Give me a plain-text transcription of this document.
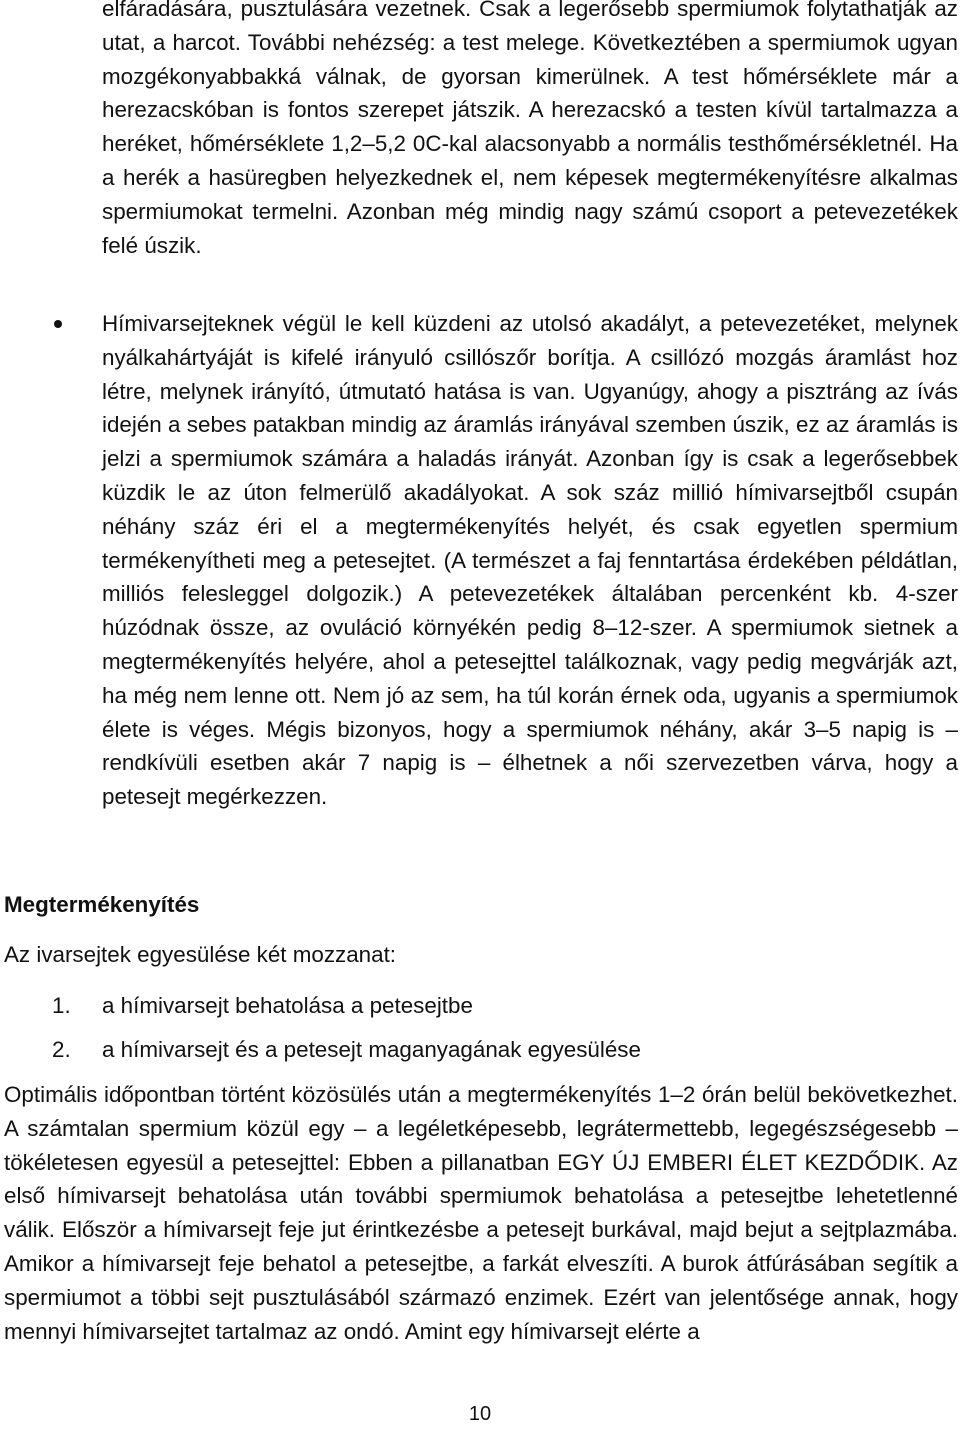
elfáradására, pusztulására vezetnek. Csak a legerősebb spermiumok folytathatják az utat, a harcot. További nehézség: a test melege. Következtében a spermiumok ugyan mozgékonyabbakká válnak, de gyorsan kimerülnek. A test hőmérséklete már a herezacskóban is fontos szerepet játszik. A herezacskó a testen kívül tartalmazza a heréket, hőmérséklete 1,2–5,2 0C-kal alacsonyabb a normális testhőmérsékletnél. Ha a herék a hasüregben helyezkednek el, nem képesek megtermékenyítésre alkalmas spermiumokat termelni. Azonban még mindig nagy számú csoport a petevezetékek felé úszik.

Hímivarsejteknek végül le kell küzdeni az utolsó akadályt, a petevezetéket, melynek nyálkahártyáját is kifelé irányuló csillószőr borítja. A csillózó mozgás áramlást hoz létre, melynek irányító, útmutató hatása is van. Ugyanúgy, ahogy a pisztráng az ívás idején a sebes patakban mindig az áramlás irányával szemben úszik, ez az áramlás is jelzi a spermiumok számára a haladás irányát. Azonban így is csak a legerősebbek küzdik le az úton felmerülő akadályokat. A sok száz millió hímivarsejtből csupán néhány száz éri el a megtermékenyítés helyét, és csak egyetlen spermium termékenyítheti meg a petesejtet. (A természet a faj fenntartása érdekében példátlan, milliós felesleggel dolgozik.) A petevezetékek általában percenként kb. 4-szer húzódnak össze, az ovuláció környékén pedig 8–12-szer. A spermiumok sietnek a megtermékenyítés helyére, ahol a petesejttel találkoznak, vagy pedig megvárják azt, ha még nem lenne ott. Nem jó az sem, ha túl korán érnek oda, ugyanis a spermiumok élete is véges. Mégis bizonyos, hogy a spermiumok néhány, akár 3–5 napig is – rendkívüli esetben akár 7 napig is – élhetnek a női szervezetben várva, hogy a petesejt megérkezzen.

Megtermékenyítés

Az ivarsejtek egyesülése két mozzanat:

1. a hímivarsejt behatolása a petesejtbe
2. a hímivarsejt és a petesejt maganyagának egyesülése

Optimális időpontban történt közösülés után a megtermékenyítés 1–2 órán belül bekövetkezhet. A számtalan spermium közül egy – a legéletképesebb, legrátermettebb, legegészségesebb – tökéletesen egyesül a petesejttel: Ebben a pillanatban EGY ÚJ EMBERI ÉLET KEZDŐDIK. Az első hímivarsejt behatolása után további spermiumok behatolása a petesejtbe lehetetlenné válik. Először a hímivarsejt feje jut érintkezésbe a petesejt burkával, majd bejut a sejtplazmába. Amikor a hímivarsejt feje behatol a petesejtbe, a farkát elveszíti. A burok átfúrásában segítik a spermiumot a többi sejt pusztulásából származó enzimek. Ezért van jelentősége annak, hogy mennyi hímivarsejtet tartalmaz az ondó. Amint egy hímivarsejt elérte a

10
